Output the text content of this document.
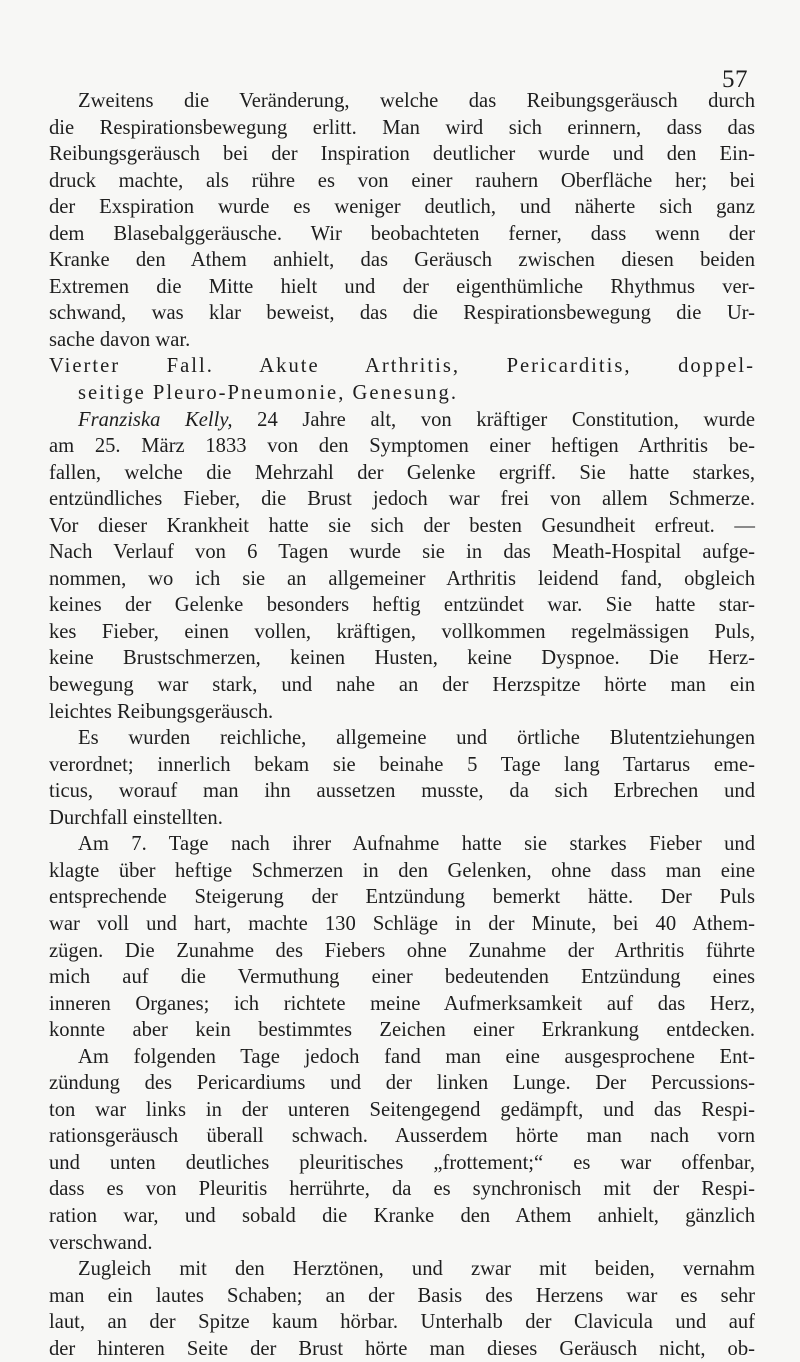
57
Zweitens die Veränderung, welche das Reibungsgeräusch durch
die Respirationsbewegung erlitt. Man wird sich erinnern, dass das
Reibungsgeräusch bei der Inspiration deutlicher wurde und den Ein-
druck machte, als rühre es von einer rauhern Oberfläche her; bei
der Exspiration wurde es weniger deutlich, und näherte sich ganz
dem Blasebalggeräusche. Wir beobachteten ferner, dass wenn der
Kranke den Athem anhielt, das Geräusch zwischen diesen beiden
Extremen die Mitte hielt und der eigenthümliche Rhythmus ver-
schwand, was klar beweist, das die Respirationsbewegung die Ur-
sache davon war.
Vierter Fall. Akute Arthritis, Pericarditis, doppel-
seitige Pleuro-Pneumonie, Genesung.
Franziska Kelly, 24 Jahre alt, von kräftiger Constitution, wurde
am 25. März 1833 von den Symptomen einer heftigen Arthritis be-
fallen, welche die Mehrzahl der Gelenke ergriff. Sie hatte starkes,
entzündliches Fieber, die Brust jedoch war frei von allem Schmerze.
Vor dieser Krankheit hatte sie sich der besten Gesundheit erfreut. —
Nach Verlauf von 6 Tagen wurde sie in das Meath-Hospital aufge-
nommen, wo ich sie an allgemeiner Arthritis leidend fand, obgleich
keines der Gelenke besonders heftig entzündet war. Sie hatte star-
kes Fieber, einen vollen, kräftigen, vollkommen regelmässigen Puls,
keine Brustschmerzen, keinen Husten, keine Dyspnoe. Die Herz-
bewegung war stark, und nahe an der Herzspitze hörte man ein
leichtes Reibungsgeräusch.
Es wurden reichliche, allgemeine und örtliche Blutentziehungen
verordnet; innerlich bekam sie beinahe 5 Tage lang Tartarus eme-
ticus, worauf man ihn aussetzen musste, da sich Erbrechen und
Durchfall einstellten.
Am 7. Tage nach ihrer Aufnahme hatte sie starkes Fieber und
klagte über heftige Schmerzen in den Gelenken, ohne dass man eine
entsprechende Steigerung der Entzündung bemerkt hätte. Der Puls
war voll und hart, machte 130 Schläge in der Minute, bei 40 Athem-
zügen. Die Zunahme des Fiebers ohne Zunahme der Arthritis führte
mich auf die Vermuthung einer bedeutenden Entzündung eines
inneren Organes; ich richtete meine Aufmerksamkeit auf das Herz,
konnte aber kein bestimmtes Zeichen einer Erkrankung entdecken.
Am folgenden Tage jedoch fand man eine ausgesprochene Ent-
zündung des Pericardiums und der linken Lunge. Der Percussions-
ton war links in der unteren Seitengegend gedämpft, und das Respi-
rationsgeräusch überall schwach. Ausserdem hörte man nach vorn
und unten deutliches pleuritisches „frottement;“ es war offenbar,
dass es von Pleuritis herrührte, da es synchronisch mit der Respi-
ration war, und sobald die Kranke den Athem anhielt, gänzlich
verschwand.
Zugleich mit den Herztönen, und zwar mit beiden, vernahm
man ein lautes Schaben; an der Basis des Herzens war es sehr
laut, an der Spitze kaum hörbar. Unterhalb der Clavicula und auf
der hinteren Seite der Brust hörte man dieses Geräusch nicht, ob-
